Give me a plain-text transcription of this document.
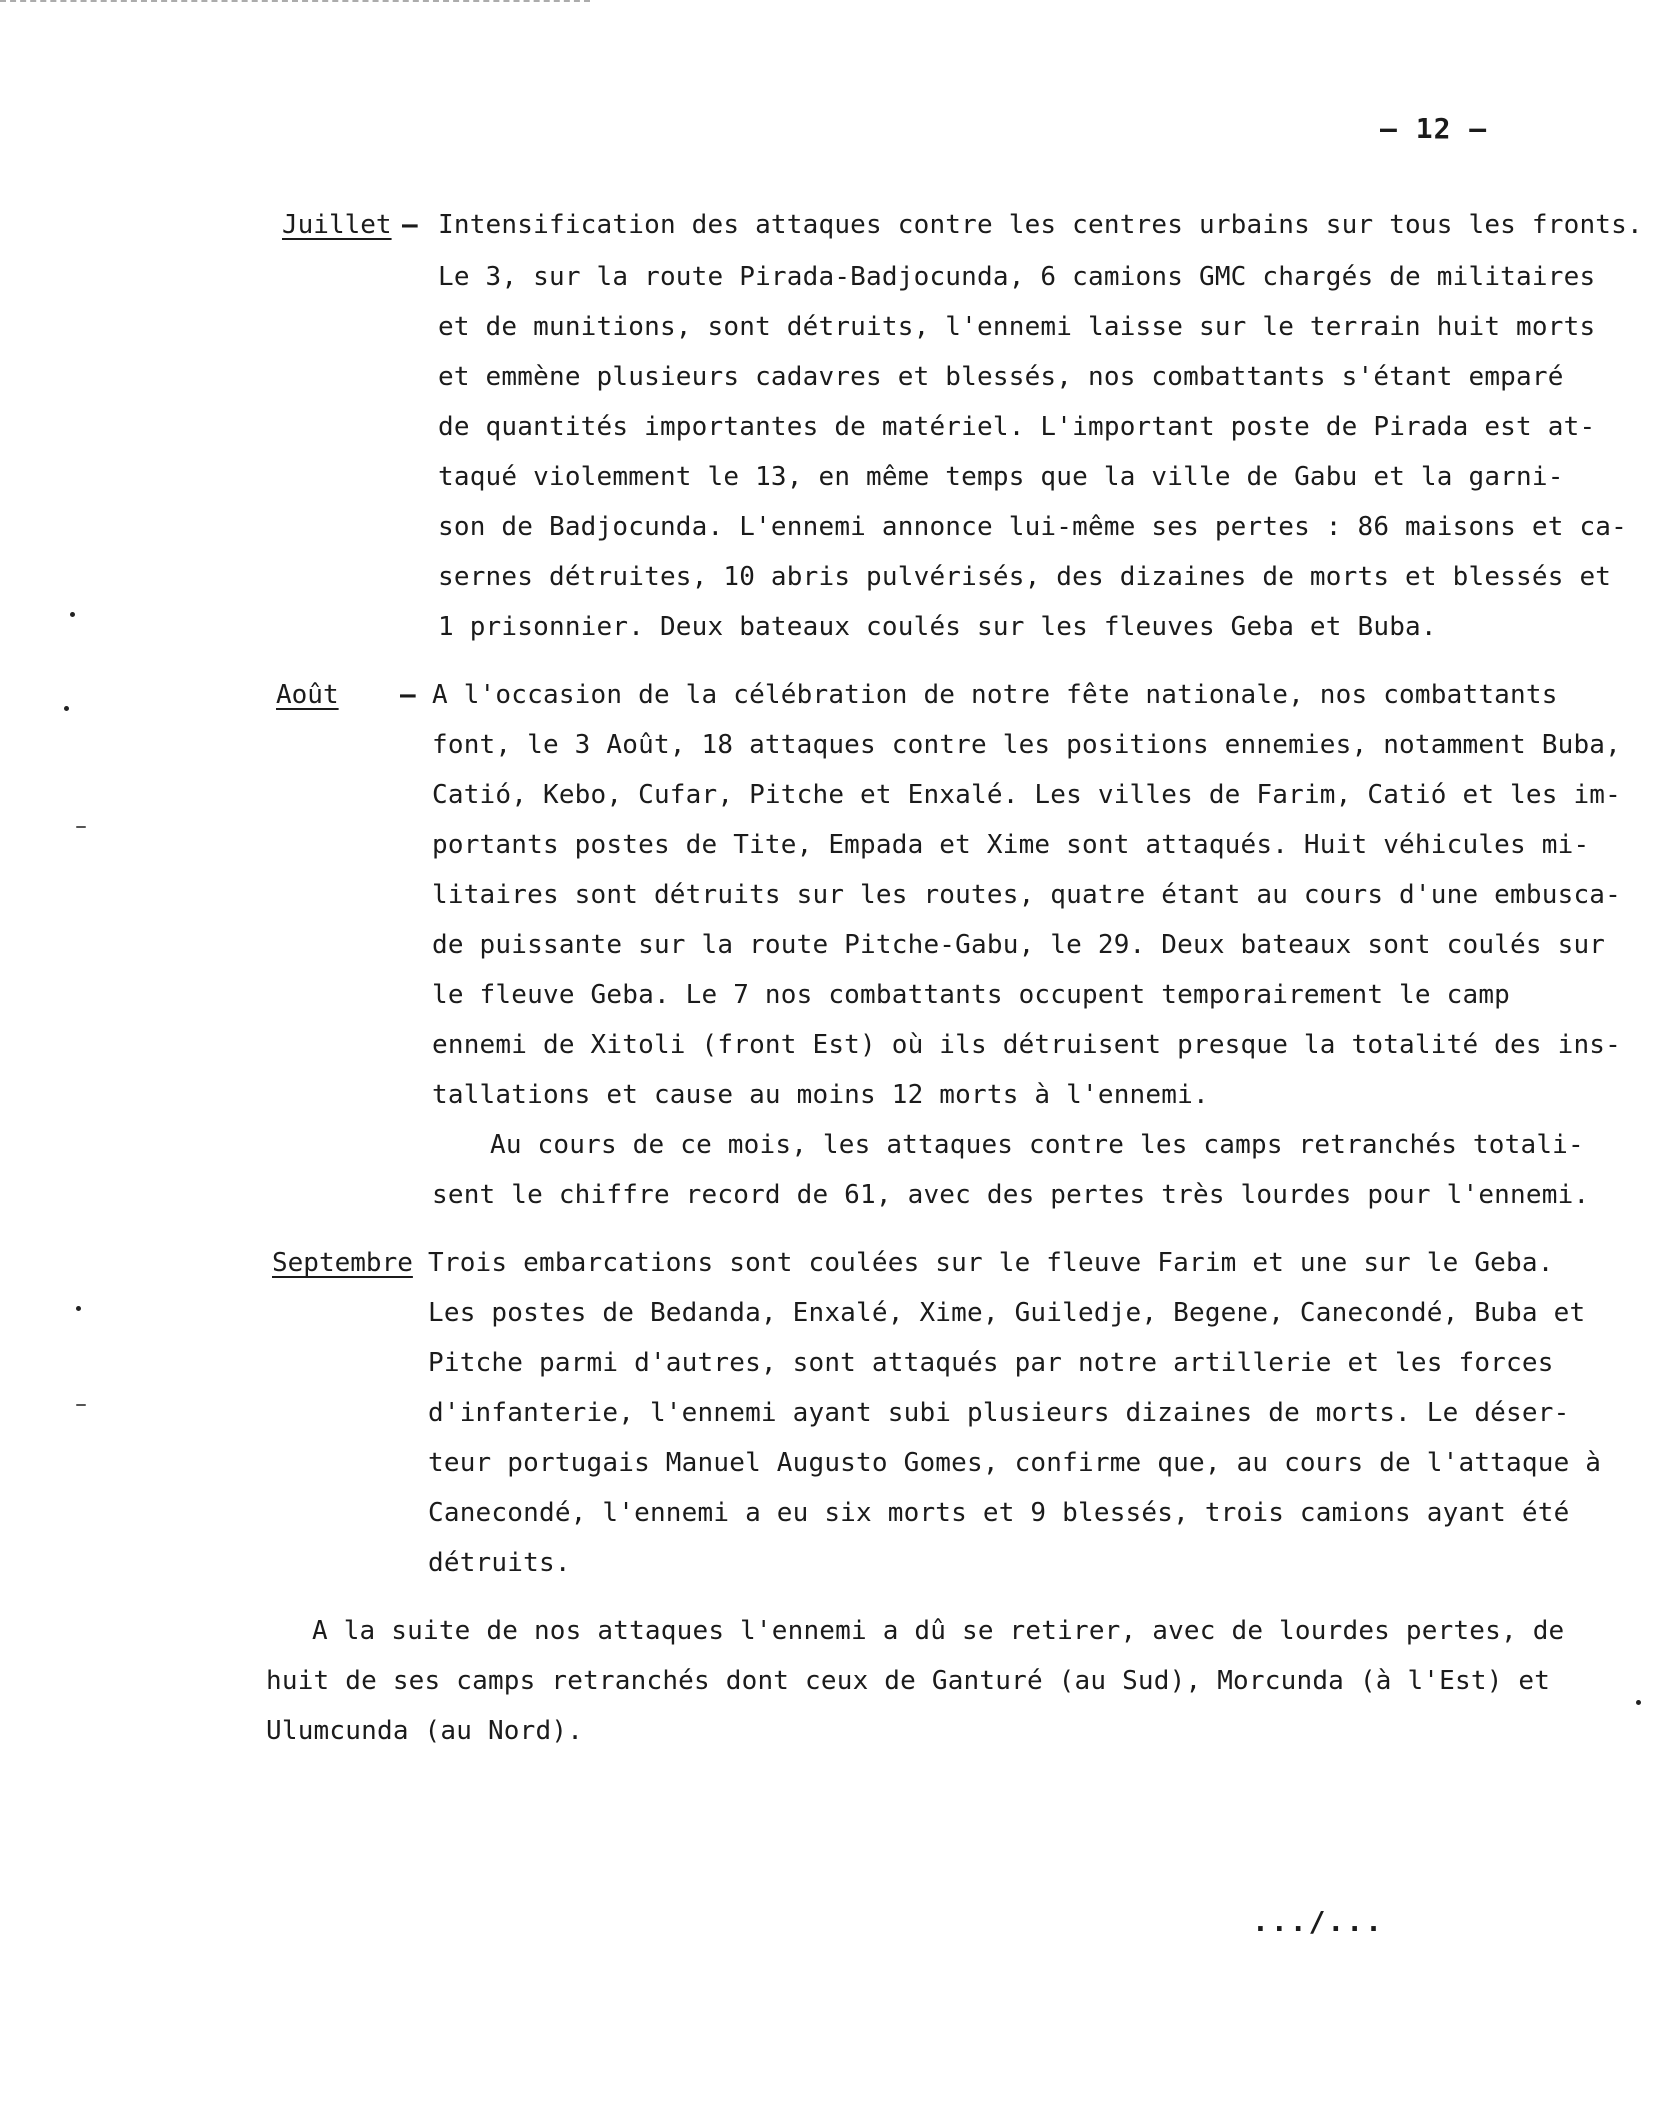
– 12 –
Juillet – Intensification des attaques contre les centres urbains sur tous les fronts.
Le 3, sur la route Pirada-Badjocunda, 6 camions GMC chargés de militaires
et de munitions, sont détruits, l'ennemi laisse sur le terrain huit morts
et emmène plusieurs cadavres et blessés, nos combattants s'étant emparé
de quantités importantes de matériel. L'important poste de Pirada est at-
taqué violemment le 13, en même temps que la ville de Gabu et la garni-
son de Badjocunda. L'ennemi annonce lui-même ses pertes : 86 maisons et ca-
sernes détruites, 10 abris pulvérisés, des dizaines de morts et blessés et
1 prisonnier. Deux bateaux coulés sur les fleuves Geba et Buba.
Août – A l'occasion de la célébration de notre fête nationale, nos combattants
font, le 3 Août, 18 attaques contre les positions ennemies, notamment Buba,
Catió, Kebo, Cufar, Pitche et Enxalé. Les villes de Farim, Catió et les im-
portants postes de Tite, Empada et Xime sont attaqués. Huit véhicules mi-
litaires sont détruits sur les routes, quatre étant au cours d'une embusca-
de puissante sur la route Pitche-Gabu, le 29. Deux bateaux sont coulés sur
le fleuve Geba. Le 7 nos combattants occupent temporairement le camp
ennemi de Xitoli (front Est) où ils détruisent presque la totalité des ins-
tallations et cause au moins 12 morts à l'ennemi.
Au cours de ce mois, les attaques contre les camps retranchés totali-
sent le chiffre record de 61, avec des pertes très lourdes pour l'ennemi.
Septembre Trois embarcations sont coulées sur le fleuve Farim et une sur le Geba.
Les postes de Bedanda, Enxalé, Xime, Guiledje, Begene, Canecondé, Buba et
Pitche parmi d'autres, sont attaqués par notre artillerie et les forces
d'infanterie, l'ennemi ayant subi plusieurs dizaines de morts. Le déser-
teur portugais Manuel Augusto Gomes, confirme que, au cours de l'attaque à
Canecondé, l'ennemi a eu six morts et 9 blessés, trois camions ayant été
détruits.
A la suite de nos attaques l'ennemi a dû se retirer, avec de lourdes pertes, de
huit de ses camps retranchés dont ceux de Ganturé (au Sud), Morcunda (à l'Est) et
Ulumcunda (au Nord).
.../...
